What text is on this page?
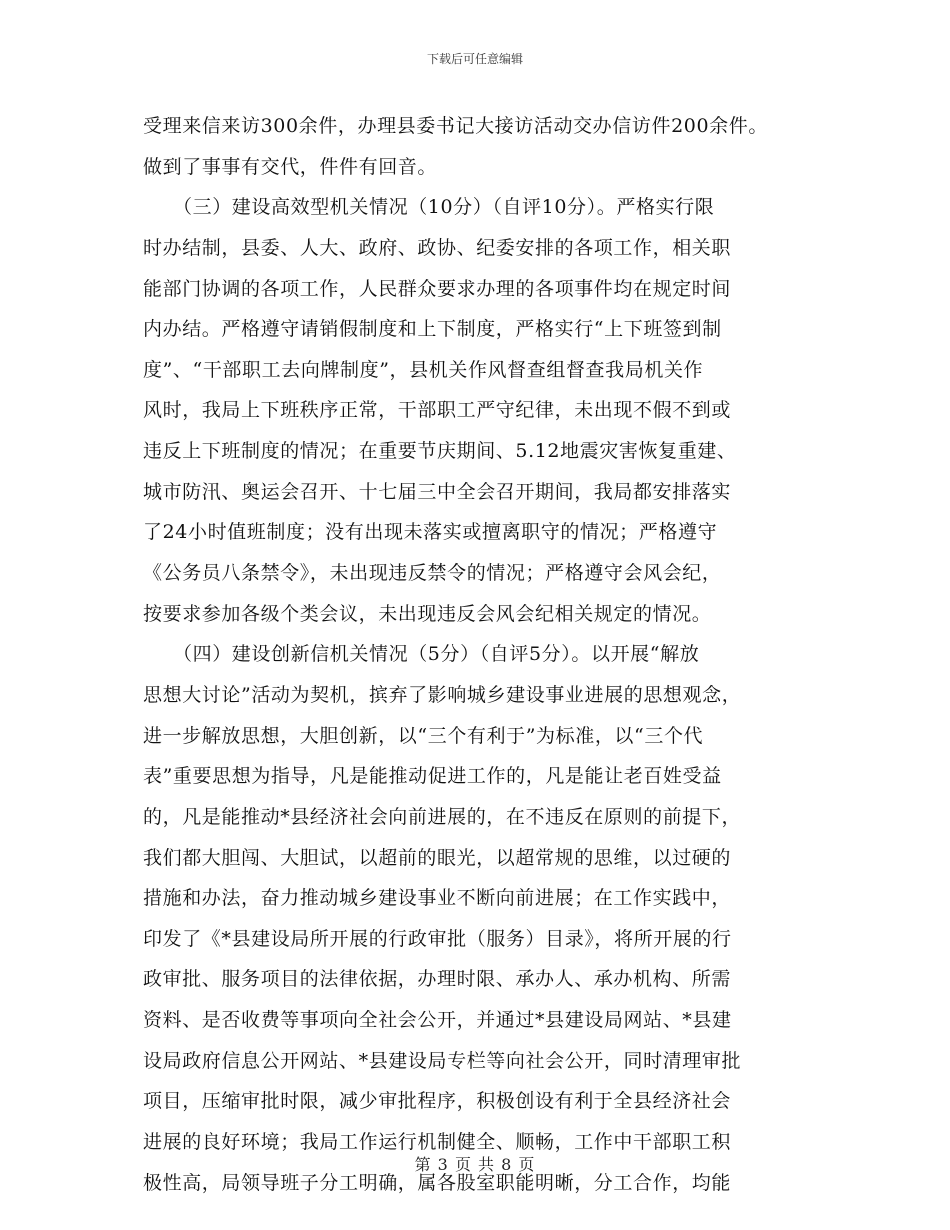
下载后可任意编辑
受理来信来访300余件，办理县委书记大接访活动交办信访件200余件。
做到了事事有交代，件件有回音。
（三）建设高效型机关情况（10分）（自评10分）。严格实行限
时办结制，县委、人大、政府、政协、纪委安排的各项工作，相关职
能部门协调的各项工作，人民群众要求办理的各项事件均在规定时间
内办结。严格遵守请销假制度和上下制度，严格实行“上下班签到制
度”、“干部职工去向牌制度”，县机关作风督查组督查我局机关作
风时，我局上下班秩序正常，干部职工严守纪律，未出现不假不到或
违反上下班制度的情况；在重要节庆期间、5.12地震灾害恢复重建、
城市防汛、奥运会召开、十七届三中全会召开期间，我局都安排落实
了24小时值班制度；没有出现未落实或擅离职守的情况；严格遵守
《公务员八条禁令》，未出现违反禁令的情况；严格遵守会风会纪，
按要求参加各级个类会议，未出现违反会风会纪相关规定的情况。
（四）建设创新信机关情况（5分）（自评5分）。以开展“解放
思想大讨论”活动为契机，摈弃了影响城乡建设事业进展的思想观念，
进一步解放思想，大胆创新，以“三个有利于”为标准，以“三个代
表”重要思想为指导，凡是能推动促进工作的，凡是能让老百姓受益
的，凡是能推动*县经济社会向前进展的，在不违反在原则的前提下，
我们都大胆闯、大胆试，以超前的眼光，以超常规的思维，以过硬的
措施和办法，奋力推动城乡建设事业不断向前进展；在工作实践中，
印发了《*县建设局所开展的行政审批（服务）目录》，将所开展的行
政审批、服务项目的法律依据，办理时限、承办人、承办机构、所需
资料、是否收费等事项向全社会公开，并通过*县建设局网站、*县建
设局政府信息公开网站、*县建设局专栏等向社会公开，同时清理审批
项目，压缩审批时限，减少审批程序，积极创设有利于全县经济社会
进展的良好环境；我局工作运行机制健全、顺畅，工作中干部职工积
极性高，局领导班子分工明确，属各股室职能明晰，分工合作，均能
第 3 页 共 8 页
